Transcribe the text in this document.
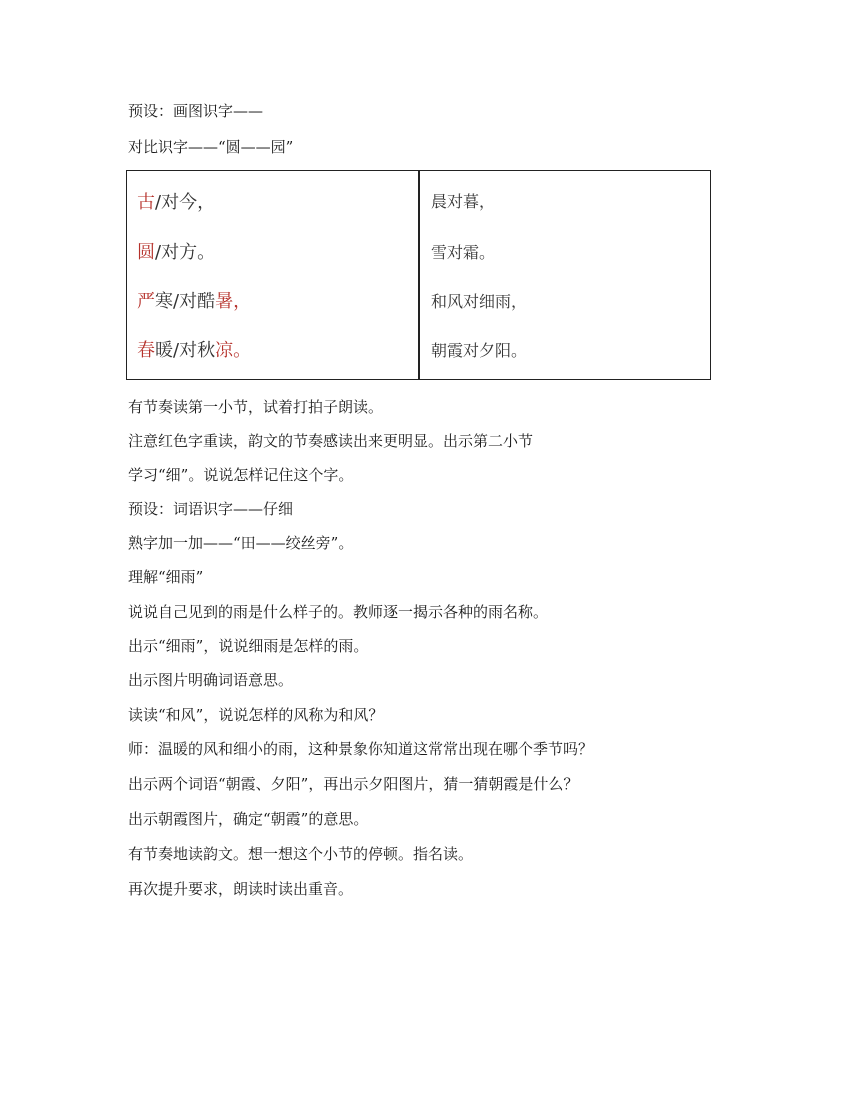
预设：画图识字——
对比识字——“圆——园”
古/对今，
圆/对方。
严寒/对酷暑，
春暖/对秋凉。
晨对暮，
雪对霜。
和风对细雨，
朝霞对夕阳。
有节奏读第一小节，试着打拍子朗读。
注意红色字重读，韵文的节奏感读出来更明显。出示第二小节
学习“细”。说说怎样记住这个字。
预设：词语识字——仔细
熟字加一加——“田——绞丝旁”。
理解“细雨”
说说自己见到的雨是什么样子的。教师逐一揭示各种的雨名称。
出示“细雨”，说说细雨是怎样的雨。
出示图片明确词语意思。
读读“和风”，说说怎样的风称为和风？
师：温暖的风和细小的雨，这种景象你知道这常常出现在哪个季节吗？
出示两个词语“朝霞、夕阳”，再出示夕阳图片，猜一猜朝霞是什么？
出示朝霞图片，确定“朝霞”的意思。
有节奏地读韵文。想一想这个小节的停顿。指名读。
再次提升要求，朗读时读出重音。
